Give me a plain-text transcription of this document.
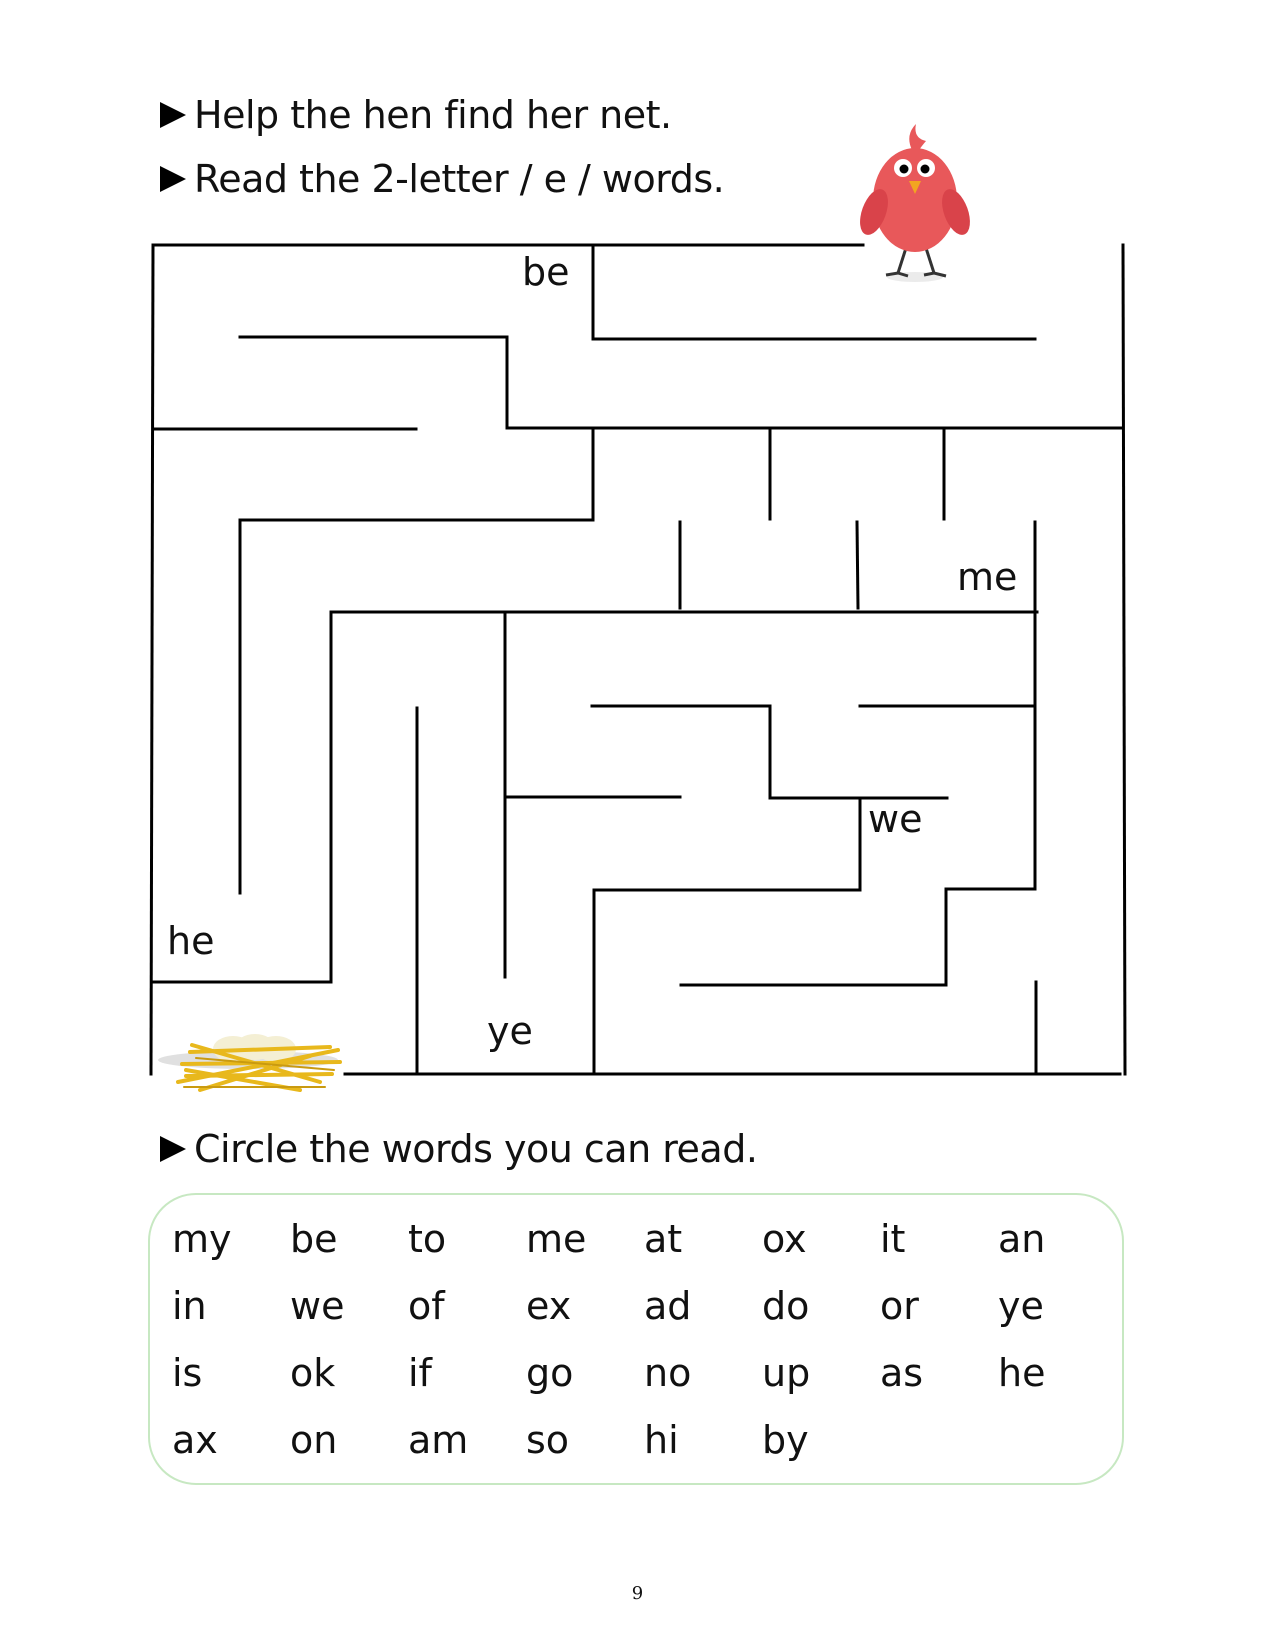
Help the hen find her net.
Read the 2-letter / e / words.
be
me
we
he
ye
Circle the words you can read.
my	be	to	me	at	ox	it	an
in	we	of	ex	ad	do	or	ye
is	ok	if	go	no	up	as	he
ax	on	am	so	hi	by
9
